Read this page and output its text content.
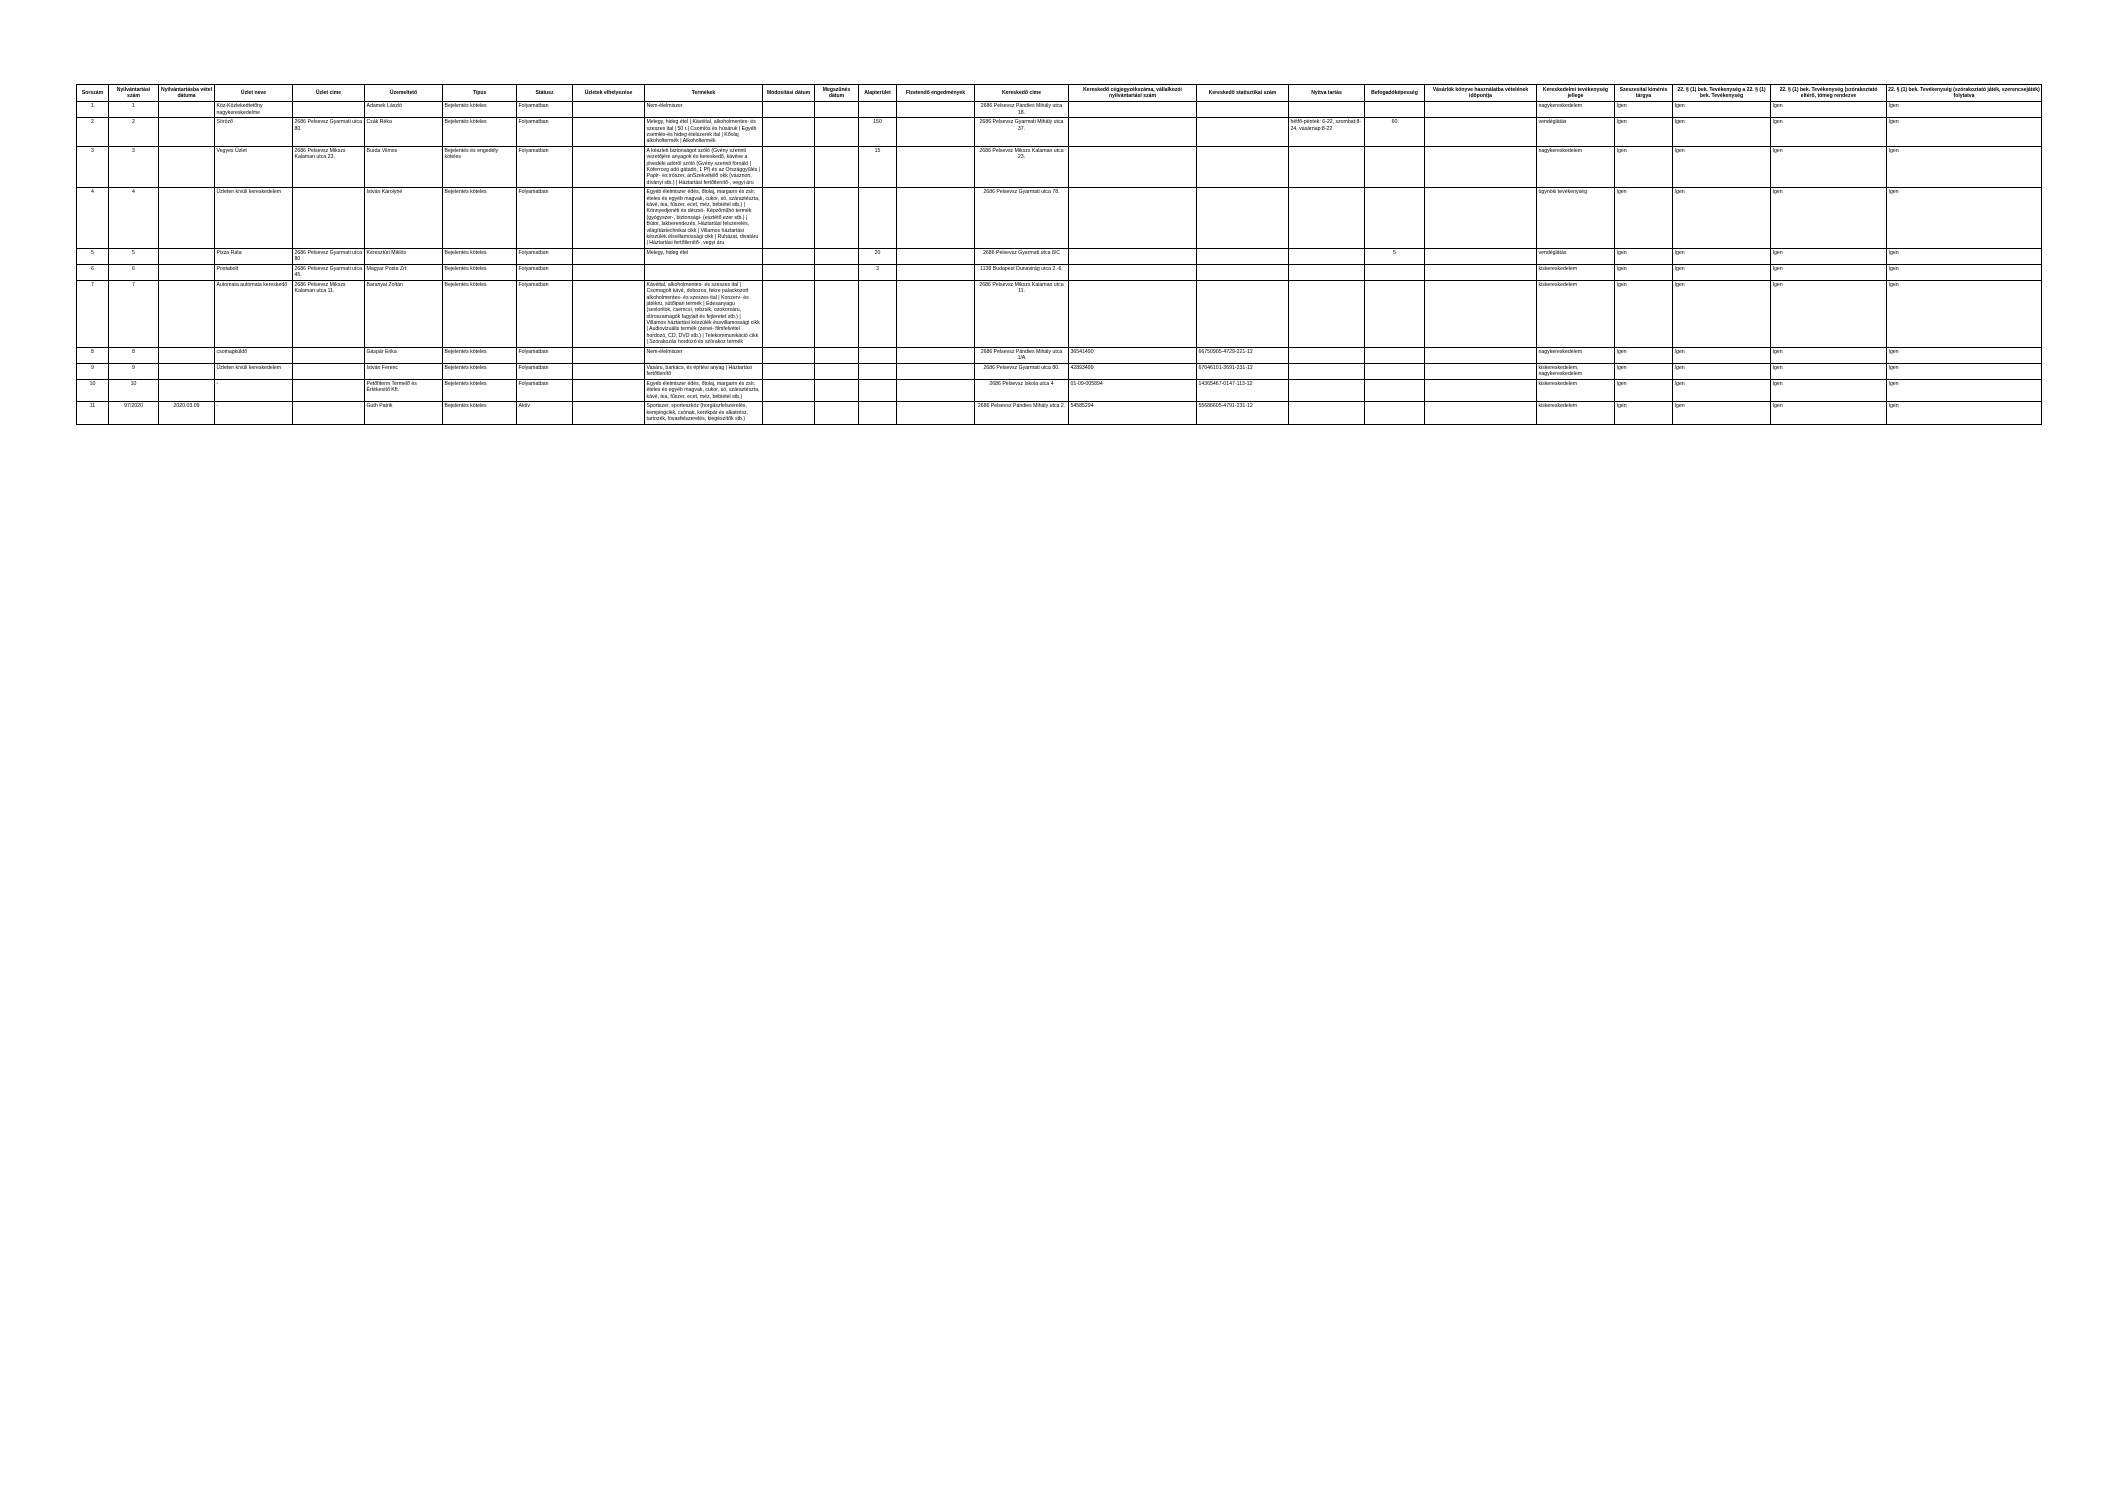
Sorszám	Nyilvántartási szám	Nyilvántartásba vétel dátuma	Üzlet neve	Üzlet címe	Üzemeltető	Típus	Státusz	Üzletek elhelyezése	Termékek	Módosítási dátum	Megszűnés dátum	Alapterület	Fizetendő engedmények	Kereskedő címe	Kereskedő cégjegyzékszáma, vállalkozói nyilvántartási szám	Kereskedő statisztikai szám	Nyitva tartás	Befogadóképesség	Vásárlók könyve használatba vételének időpontja	Kereskedelmi tevékenység jellege	Szeszesital kimérés tárgya	22. § (1) bek. Tevékenység a 22. § (1) bek. Tevékenység	22. § (1) bek. Tevékenység (szórakoztató eltérő, tömeg rendezve	22. § (1) bek. Tevékenység (szórakoztató játék, szerencsejáték) folytatva
1	1		Köz-Közlekedtetőny nagykereskedelme		Adamek László	Bejelentés köteles	Folyamatban		Nem-élelmiszer					2686 Pelsevsz Pándies Mihály utca 18.						nagykereskedelem	Igen	Igen	Igen	Igen
2	2		Söröző	2686 Pelsevsz Gyarmati utca 80.	Csák Réka	Bejelentés köteles	Folyamatban		Melegy, hideg étel | Kávéital, alkoholmentes- és szeszes ital | 50 r.| Csomlós és húsáruk | Egyéb zsemlés-és hideg ételszerek ital | Kőolaj alkoholtermék | Alkoholtermék			150		2686 Pelsevsz Gyarmati Mihály utca 37.			hétfő-péntek: 6-22, szombat:8-24, vasárnap:8-22	60		vendéglátás	Igen	Igen	Igen	Igen
3	3		Vegyes Üzlet	2686 Pelsevsz Mikszs Kalaman utca 23.	Burda Vilmos	Bejelentés és engedély köteles	Folyamatban		A készleti biztonságot szóló (Gvény szerinti vezetőjére anyagok és kereskedő, kávéve a jövedéki adóról szóló (Gvény szerinti föroáló | Kóferrceg adó gátadó, 1 Pf) és az Országgyűlés | Papír- és irószer, anSzekvétélő okk (vásznon, díványi stb.) | Háztartási fertőtlenítő-, vegyi áru			15		2686 Pelsevsz Mikszs Kalaman utca 23.						nagykereskedelem	Igen	Igen	Igen	Igen
4	4		Üzleten kívüli kereskedelem		István Károlyné	Bejelentés köteles	Folyamatban		Egyéb élelmiszer édés, őtolaj, margarin és zsír, ételes és egyéb magvak, cukor, só, száraztészta, kávé, tea, fűszer, ecet, méz, bébiétel stb.) | Könnyedjenéti és dérzsó- Képzőműhó termék (gyógyszer-, biztonsági- (esztétő ezer stb.) | Bútor, lakberendezés, Háztartási felszerelés, világítástechnikai cikk | Villamos háztartási készülék élsvillamossági cikk | Ruházat, divatáru | Háztartási fertőtlenítő-, vegyi áru					2686 Pelsevsz Gyarmati utca 78.						ügynöki tevékenység	Igen	Igen	Igen	Igen
5	5		Pizza Ráta	2686 Pelsevsz Gyarmati utca 80	Keresztúri Miklós	Bejelentés köteles	Folyamatban		Melegy, hideg étel			20		2686 Pelsevsz Gyarmati utca 8/C				5		vendéglátás	Igen	Igen	Igen	Igen
6	6		Postabolt	2686 Pelsevsz Gyarmati utca 45.	Magyar Posta Zrt.	Bejelentés köteles	Folyamatban					3		1138 Budapest Dunavirág utca 2.-6.						kiskereskedelem	Igen	Igen	Igen	Igen
7	7		Automata automata kereskedő	2686 Pelsevsz Mikszs Kalaman utca 11.	Baranyai Zoltán	Bejelentés köteles	Folyamatban		Kávéital, alkoholmentes- és szeszes ital | Csomagolt kávé, dobozos, fekre palackozott alkoholmentes- és szeszes ital | Konzerv- és játékru, sütőipari termék | Édesanyagu (sexloritok, csemcsi, rebzsik, ozokorsáru, stíroszamagók fagylalt és fejleretet stb.) | Villamos háztartási készülék éssvillamossági cikk | Audiovizuális termék (zenei- filmfelvétel hordozó, CD, DVD stb.) | Telekommunikáció cikk | Szórakozás hordozó és szórakoz termék					2686 Pelsevsz Mikszs Kalaman utca 11.						kiskereskedelem	Igen	Igen	Igen	Igen
8	8		csomagküldő		Gáspár Erika	Bejelentés köteles	Folyamatban		Nem-élelmiszer					2686 Pelsevsz Pándies Mihály utca 1/A	36541490	66750905-4729-221-12				nagykereskedelem	Igen	Igen	Igen	Igen
9	9		Üzleten kívüli kereskedelem		István Ferenc	Bejelentés köteles	Folyamatban		Vasáru, barkács, és építési anyag | Háztartási fertőtlenítő					2686 Pelsevsz Gyarmati utca 80.	42893499	67046101-3691-231-12				kiskereskedelem, nagykereskedelem	Igen	Igen	Igen	Igen
10	10		-		Petőfiterm Termelő és Értékesítő Kft.	Bejelentés köteles	Folyamatban		Egyéb élelmiszer édés, őtolaj, margarin és zsír, ételes és egyéb magvak, cukor, só, száraztészta, kávé, tea, fűszer, ecet, méz, bébiétel stb.)					2686 Pelsevsz Iskola utca 4	01-09-005894	14365467-0147-113-12				kiskereskedelem	Igen	Igen	Igen	Igen
11	97/2020	2020.03.09	-		Guth Patrik	Bejelentés köteles	Aktív		Sportszer, sporteszköz (horgászfelszerelés, kempingcikk, csónak, kerékpár és alkatrész, tartozék, lovasfelszerelés, kiegészítők stb.)					2686 Pelsevsz Pándies Mihály utca 2.	54585294	55686605-4791-231-12				kiskereskedelem	Igen	Igen	Igen	Igen
